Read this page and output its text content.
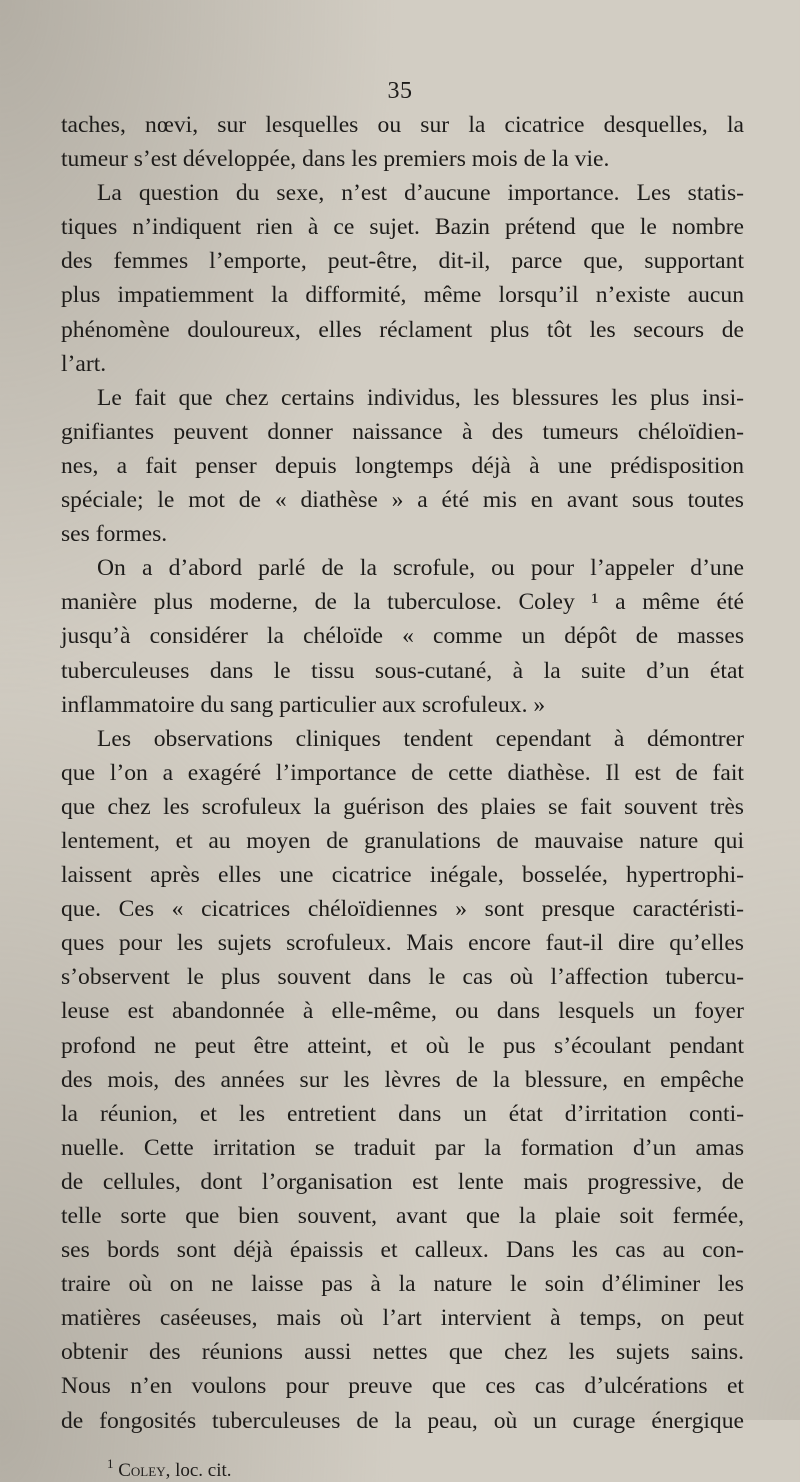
35
taches, nœvi, sur lesquelles ou sur la cicatrice desquelles, la
tumeur s’est développée, dans les premiers mois de la vie.
La question du sexe, n’est d’aucune importance. Les statis-
tiques n’indiquent rien à ce sujet. Bazin prétend que le nombre
des femmes l’emporte, peut-être, dit-il, parce que, supportant
plus impatiemment la difformité, même lorsqu’il n’existe aucun
phénomène douloureux, elles réclament plus tôt les secours de
l’art.
Le fait que chez certains individus, les blessures les plus insi-
gnifiantes peuvent donner naissance à des tumeurs chéloïdien-
nes, a fait penser depuis longtemps déjà à une prédisposition
spéciale; le mot de « diathèse » a été mis en avant sous toutes
ses formes.
On a d’abord parlé de la scrofule, ou pour l’appeler d’une
manière plus moderne, de la tuberculose. Coley ¹ a même été
jusqu’à considérer la chéloïde « comme un dépôt de masses
tuberculeuses dans le tissu sous-cutané, à la suite d’un état
inflammatoire du sang particulier aux scrofuleux. »
Les observations cliniques tendent cependant à démontrer
que l’on a exagéré l’importance de cette diathèse. Il est de fait
que chez les scrofuleux la guérison des plaies se fait souvent très
lentement, et au moyen de granulations de mauvaise nature qui
laissent après elles une cicatrice inégale, bosselée, hypertrophi-
que. Ces « cicatrices chéloïdiennes » sont presque caractéristi-
ques pour les sujets scrofuleux. Mais encore faut-il dire qu’elles
s’observent le plus souvent dans le cas où l’affection tubercu-
leuse est abandonnée à elle-même, ou dans lesquels un foyer
profond ne peut être atteint, et où le pus s’écoulant pendant
des mois, des années sur les lèvres de la blessure, en empêche
la réunion, et les entretient dans un état d’irritation conti-
nuelle. Cette irritation se traduit par la formation d’un amas
de cellules, dont l’organisation est lente mais progressive, de
telle sorte que bien souvent, avant que la plaie soit fermée,
ses bords sont déjà épaissis et calleux. Dans les cas au con-
traire où on ne laisse pas à la nature le soin d’éliminer les
matières caséeuses, mais où l’art intervient à temps, on peut
obtenir des réunions aussi nettes que chez les sujets sains.
Nous n’en voulons pour preuve que ces cas d’ulcérations et
de fongosités tuberculeuses de la peau, où un curage énergique
$^1$ Coley, loc. cit.
